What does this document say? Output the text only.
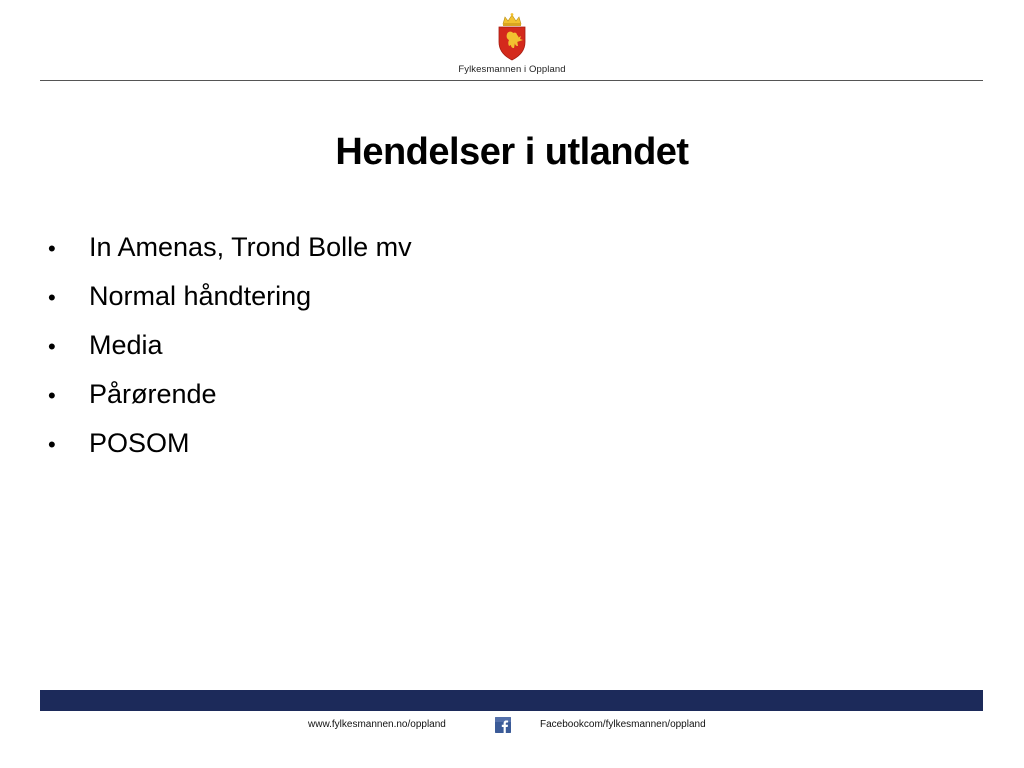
Fylkesmannen i Oppland
Hendelser i utlandet
•	In Amenas, Trond Bolle mv
•	Normal håndtering
•	Media
•	Pårørende
•	POSOM
www.fylkesmannen.no/oppland	Facebookcom/fylkesmannen/oppland
